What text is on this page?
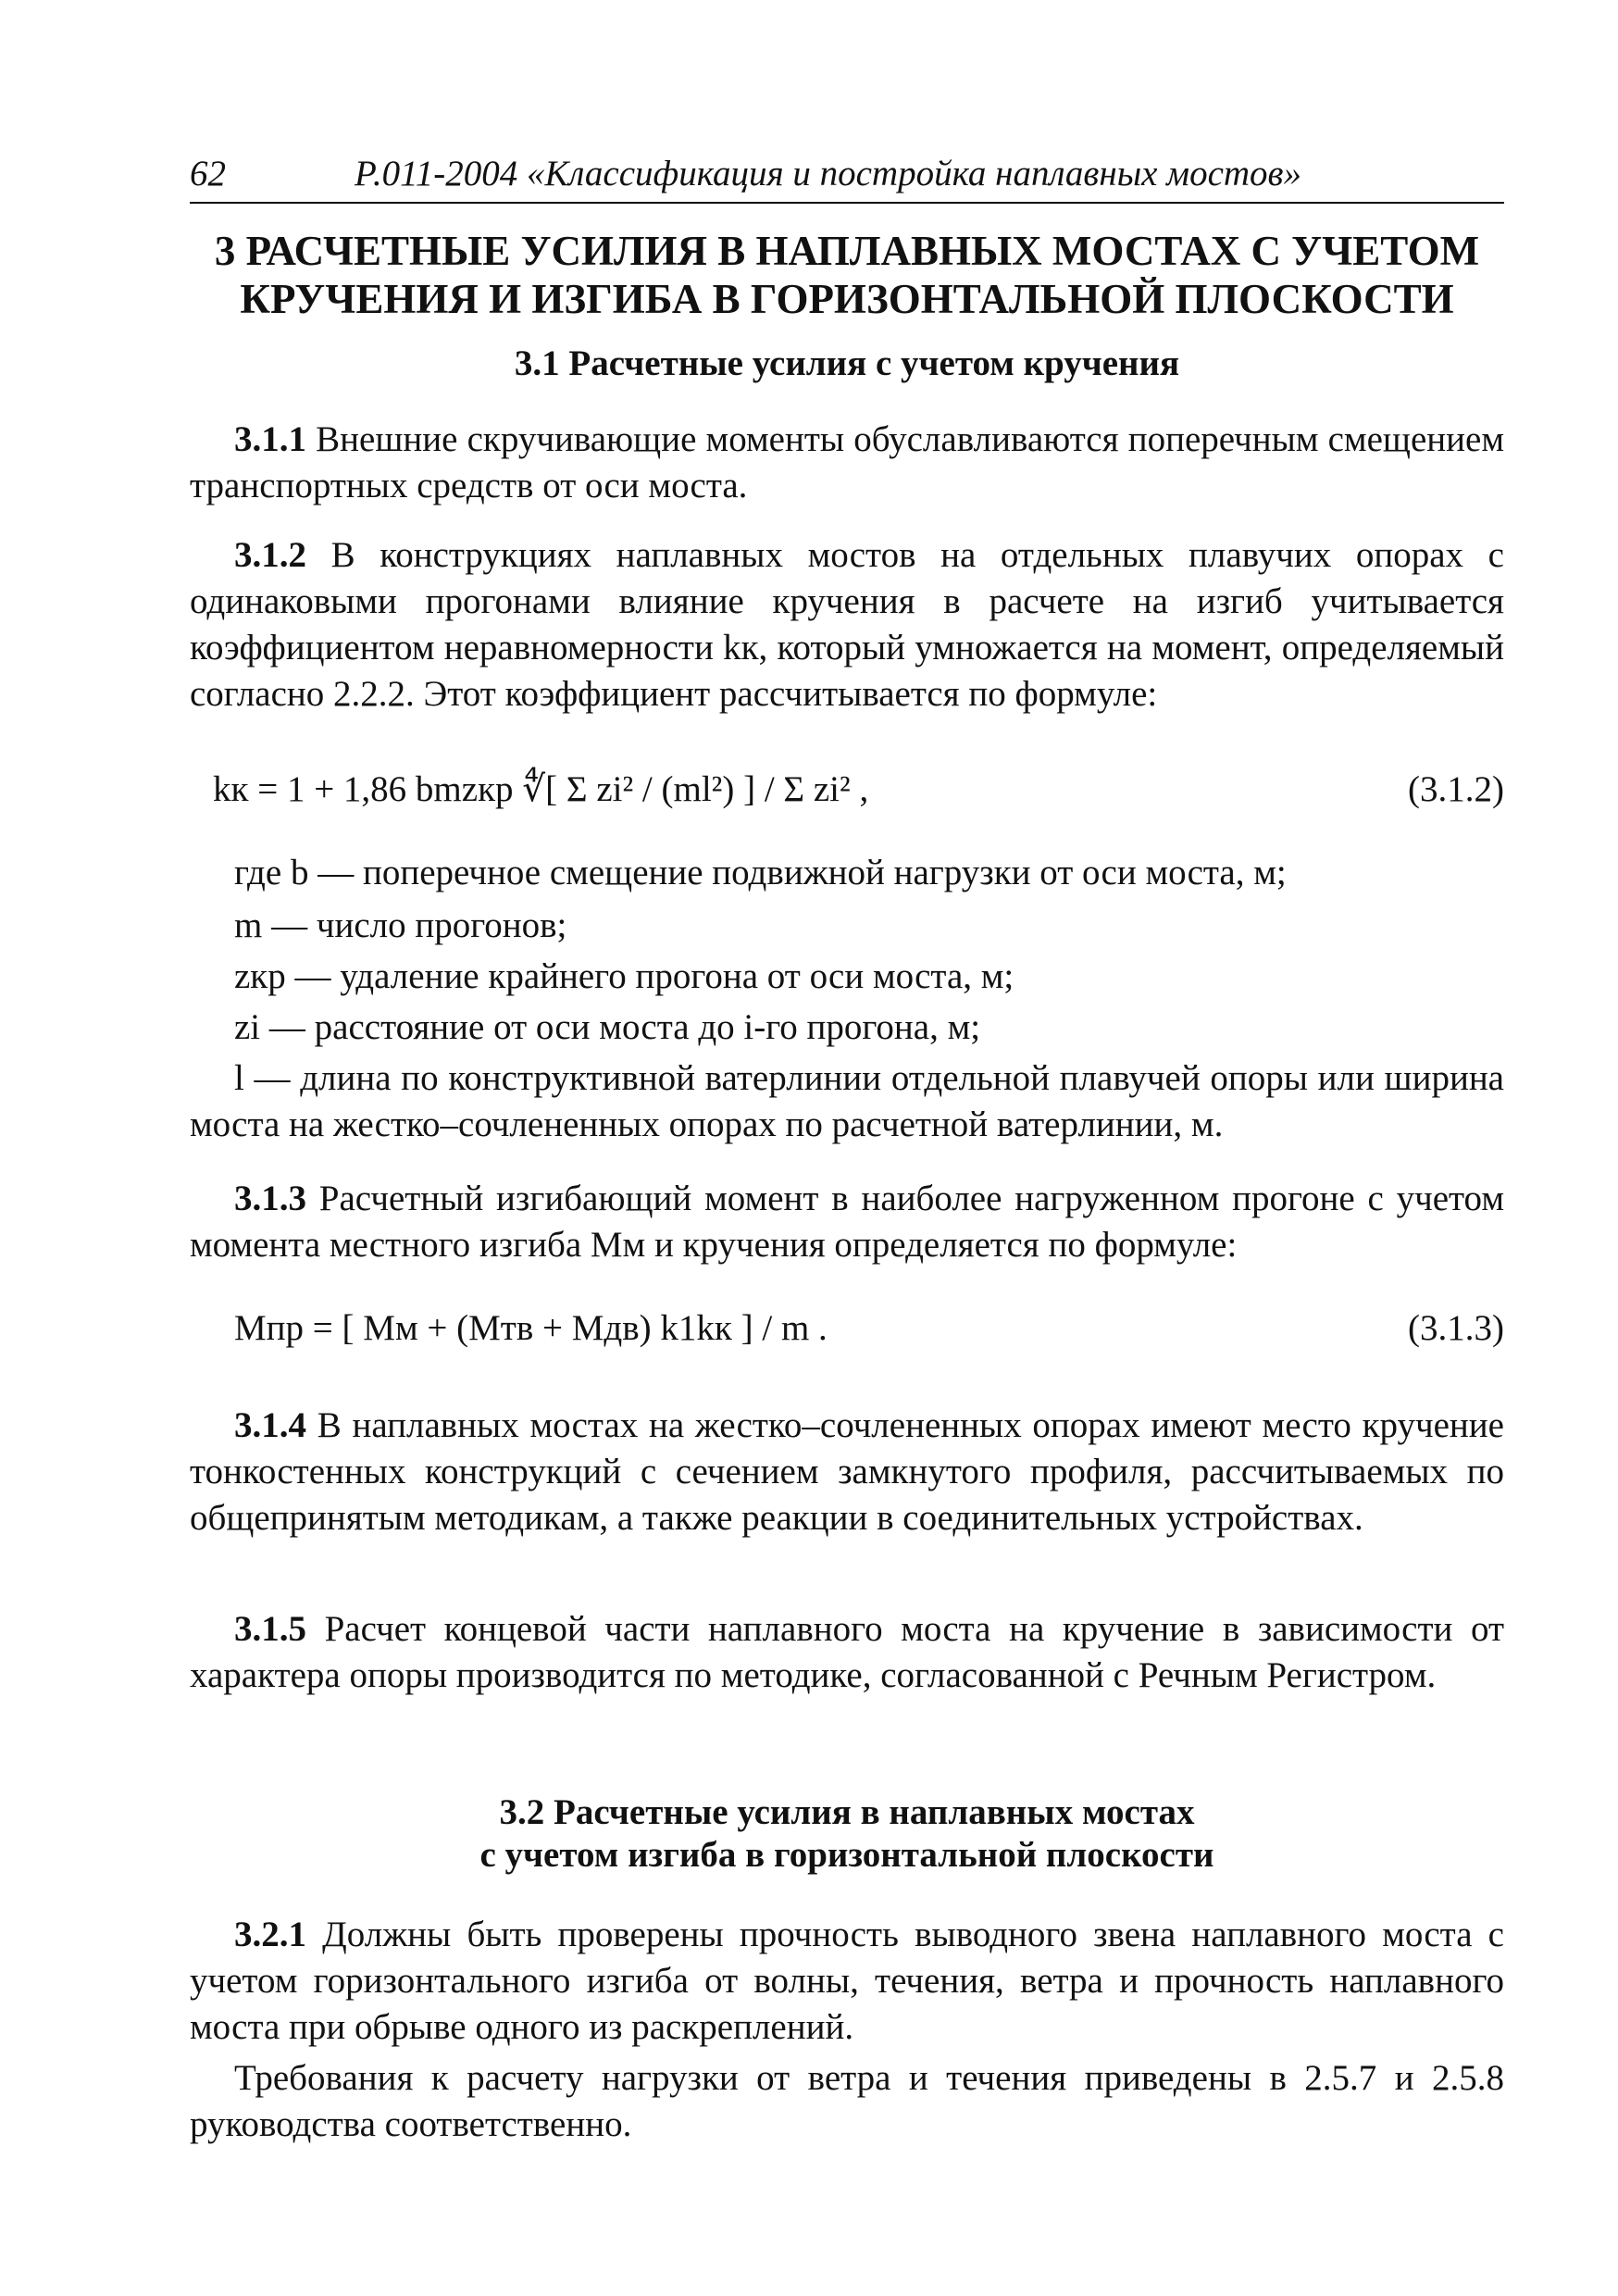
62	Р.011-2004 «Классификация и постройка наплавных мостов»
3 РАСЧЕТНЫЕ УСИЛИЯ В НАПЛАВНЫХ МОСТАХ С УЧЕТОМ
КРУЧЕНИЯ И ИЗГИБА В ГОРИЗОНТАЛЬНОЙ ПЛОСКОСТИ
3.1 Расчетные усилия с учетом кручения
3.1.1 Внешние скручивающие моменты обуславливаются поперечным смещением транспортных средств от оси моста.
3.1.2 В конструкциях наплавных мостов на отдельных плавучих опорах с одинаковыми прогонами влияние кручения в расчете на изгиб учитывается коэффициентом неравномерности kк, который умножается на момент, определяемый согласно 2.2.2. Этот коэффициент рассчитывается по формуле:
kк = 1 + 1,86 bmzкр ∜[ Σ zi² / (ml²) ] / Σ zi² ,	(3.1.2)
где b — поперечное смещение подвижной нагрузки от оси моста, м;
m — число прогонов;
zкр — удаление крайнего прогона от оси моста, м;
zi — расстояние от оси моста до i-го прогона, м;
l — длина по конструктивной ватерлинии отдельной плавучей опоры или ширина моста на жестко–сочлененных опорах по расчетной ватерлинии, м.
3.1.3 Расчетный изгибающий момент в наиболее нагруженном прогоне с учетом момента местного изгиба Mм и кручения определяется по формуле:
Mпр = [ Mм + (Mтв + Mдв) k1kк ] / m .	(3.1.3)
3.1.4 В наплавных мостах на жестко–сочлененных опорах имеют место кручение тонкостенных конструкций с сечением замкнутого профиля, рассчитываемых по общепринятым методикам, а также реакции в соединительных устройствах.
3.1.5 Расчет концевой части наплавного моста на кручение в зависимости от характера опоры производится по методике, согласованной с Речным Регистром.
3.2 Расчетные усилия в наплавных мостах
с учетом изгиба в горизонтальной плоскости
3.2.1 Должны быть проверены прочность выводного звена наплавного моста с учетом горизонтального изгиба от волны, течения, ветра и прочность наплавного моста при обрыве одного из раскреплений.
Требования к расчету нагрузки от ветра и течения приведены в 2.5.7 и 2.5.8 руководства соответственно.
